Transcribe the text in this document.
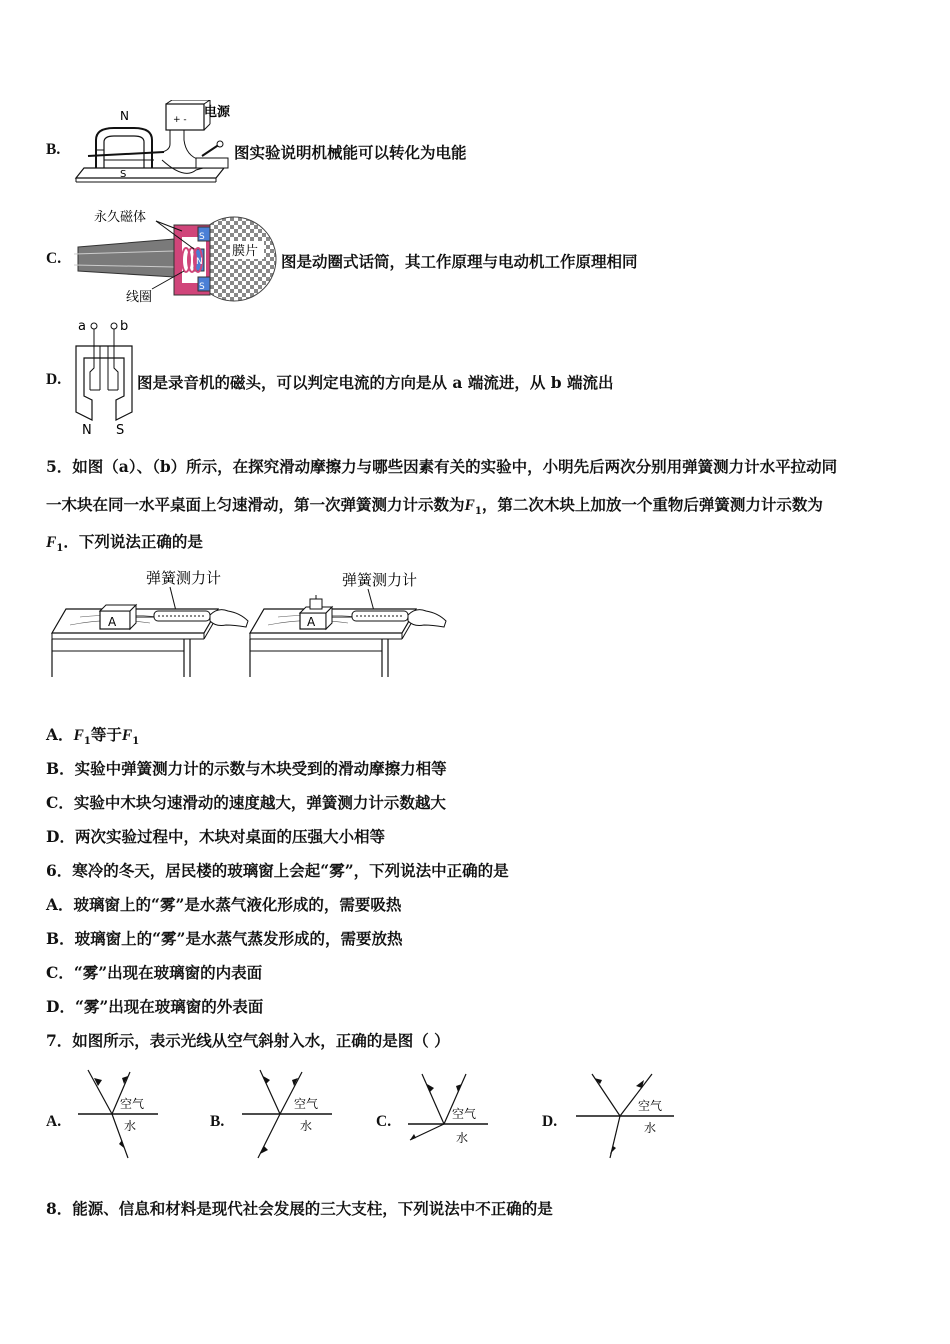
B.
+ -
N
S
电源
图实验说明机械能可以转化为电能
C.
S
N
S
永久磁体
膜片
线圈
图是动圈式话筒，其工作原理与电动机工作原理相同
D.
a	b
N S
图是录音机的磁头，可以判定电流的方向是从 a 端流进，从 b 端流出
5．如图（a）、（b）所示，在探究滑动摩擦力与哪些因素有关的实验中，小明先后两次分别用弹簧测力计水平拉动同
一木块在同一水平桌面上匀速滑动，第一次弹簧测力计示数为$F_1$，第二次木块上加放一个重物后弹簧测力计示数为
$F_1$．下列说法正确的是
弹簧测力计
A
弹簧测力计
A
A．$F_1$等于$F_1$
B．实验中弹簧测力计的示数与木块受到的滑动摩擦力相等
C．实验中木块匀速滑动的速度越大，弹簧测力计示数越大
D．两次实验过程中，木块对桌面的压强大小相等
6．寒冷的冬天，居民楼的玻璃窗上会起“雾”，下列说法中正确的是
A．玻璃窗上的“雾”是水蒸气液化形成的，需要吸热
B．玻璃窗上的“雾”是水蒸气蒸发形成的，需要放热
C．“雾”出现在玻璃窗的内表面
D．“雾”出现在玻璃窗的外表面
7．如图所示，表示光线从空气斜射入水，正确的是图（ ）
A.
空气
水	B.
空气
水	C.	空气
水
D.
空气
水
8．能源、信息和材料是现代社会发展的三大支柱，下列说法中不正确的是
